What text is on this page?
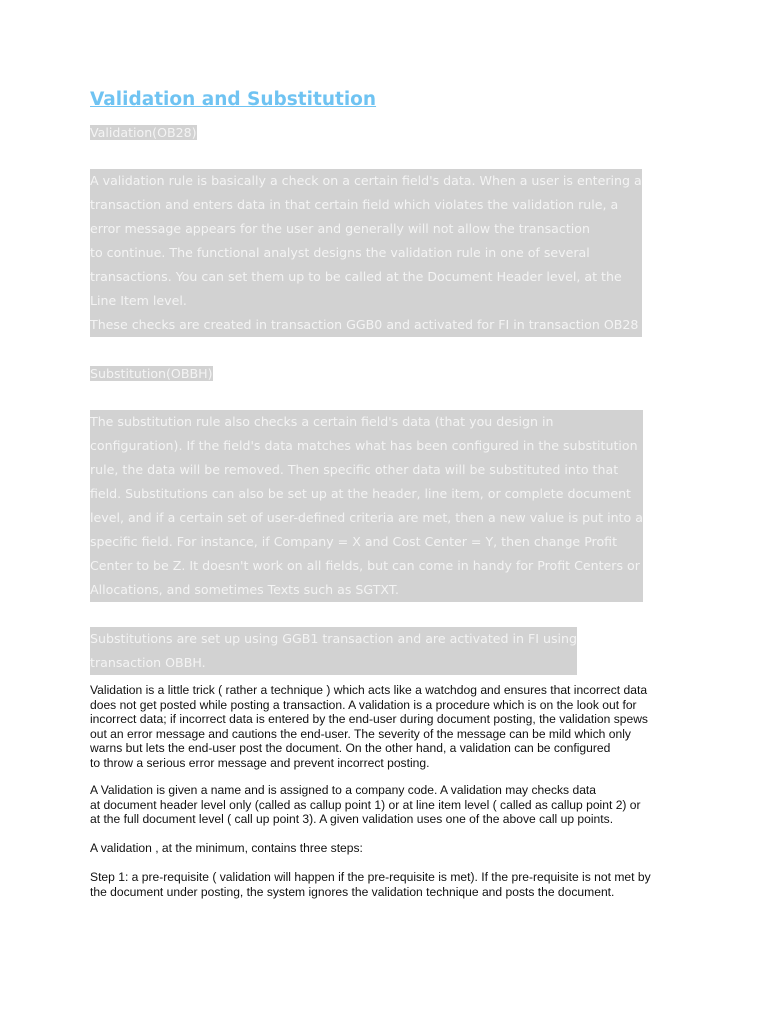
Validation and Substitution
Validation(OB28)
A validation rule is basically a check on a certain field's data. When a user is entering a
transaction and enters data in that certain field which violates the validation rule, a
error message appears for the user and generally will not allow the transaction
to continue. The functional analyst designs the validation rule in one of several
transactions. You can set them up to be called at the Document Header level, at the
Line Item level.
These checks are created in transaction GGB0 and activated for FI in transaction OB28
Substitution(OBBH)
The substitution rule also checks a certain field's data (that you design in
configuration). If the field's data matches what has been configured in the substitution
rule, the data will be removed. Then specific other data will be substituted into that
field. Substitutions can also be set up at the header, line item, or complete document
level, and if a certain set of user-defined criteria are met, then a new value is put into a
specific field. For instance, if Company = X and Cost Center = Y, then change Profit
Center to be Z. It doesn't work on all fields, but can come in handy for Profit Centers or
Allocations, and sometimes Texts such as SGTXT.
Substitutions are set up using GGB1 transaction and are activated in FI using
transaction OBBH.
Validation is a little trick ( rather a technique ) which acts like a watchdog and ensures that incorrect data
does not get posted while posting a transaction. A validation is a procedure which is on the look out for
incorrect data; if incorrect data is entered by the end-user during document posting, the validation spews
out an error message and cautions the end-user. The severity of the message can be mild which only
warns but lets the end-user post the document. On the other hand, a validation can be configured
to throw a serious error message and prevent incorrect posting.
A Validation is given a name and is assigned to a company code. A validation may checks data
at document header level only (called as callup point 1) or at line item level ( called as callup point 2) or
at the full document level ( call up point 3). A given validation uses one of the above call up points.
A validation , at the minimum, contains three steps:
Step 1: a pre-requisite ( validation will happen if the pre-requisite is met). If the pre-requisite is not met by
the document under posting, the system ignores the validation technique and posts the document.
